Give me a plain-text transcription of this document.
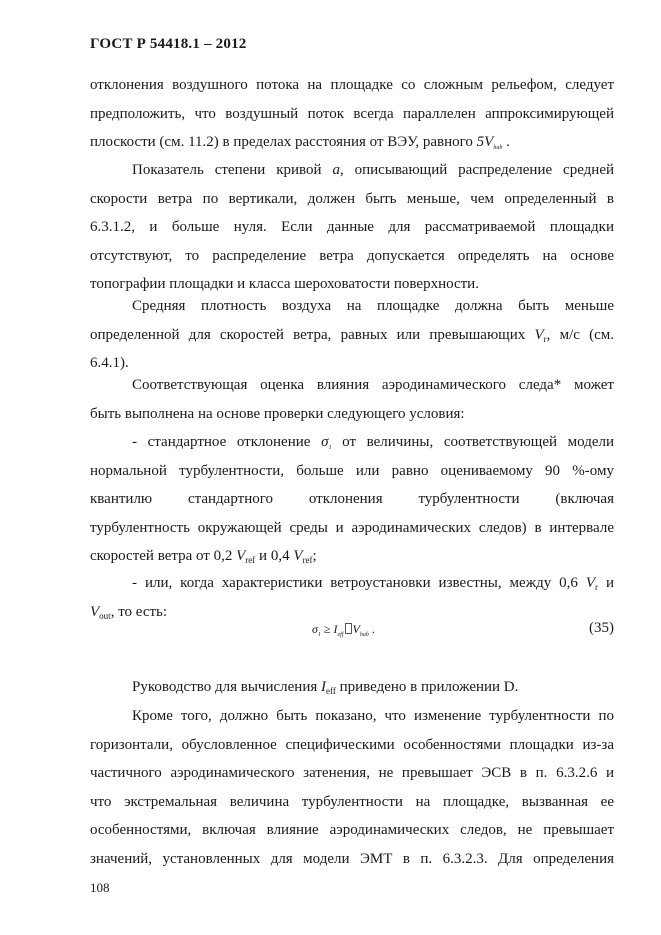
ГОСТ Р 54418.1 – 2012
отклонения воздушного потока на площадке со сложным рельефом, следует
предположить, что воздушный поток всегда параллелен аппроксимирующей
плоскости (см. 11.2) в пределах расстояния от ВЭУ, равного $5V_{hub}$ .
Показатель степени кривой a, описывающий распределение средней
скорости ветра по вертикали, должен быть меньше, чем определенный в
6.3.1.2, и больше нуля. Если данные для рассматриваемой площадки
отсутствуют, то распределение ветра допускается определять на основе
топографии площадки и класса шероховатости поверхности.
Средняя плотность воздуха на площадке должна быть меньше
определенной для скоростей ветра, равных или превышающих $V_r$, м/с (см.
6.4.1).
Соответствующая оценка влияния аэродинамического следа* может
быть выполнена на основе проверки следующего условия:
- стандартное отклонение $\sigma_1$ от величины, соответствующей модели
нормальной турбулентности, больше или равно оцениваемому 90 %-ому
квантилю стандартного отклонения турбулентности (включая
турбулентность окружающей среды и аэродинамических следов) в интервале
скоростей ветра от 0,2 $V_{ref}$ и 0,4 $V_{ref}$;
- или, когда характеристики ветроустановки известны, между 0,6 $V_r$ и
$V_{out}$, то есть:
$\sigma_1 \ge I_{eff}$ $V_{hub}$ .	(35)
Руководство для вычисления $I_{eff}$ приведено в приложении D.
Кроме того, должно быть показано, что изменение турбулентности по
горизонтали, обусловленное специфическими особенностями площадки из-за
частичного аэродинамического затенения, не превышает ЭСВ в п. 6.3.2.6 и
что экстремальная величина турбулентности на площадке, вызванная ее
особенностями, включая влияние аэродинамических следов, не превышает
значений, установленных для модели ЭМТ в п. 6.3.2.3. Для определения
108
